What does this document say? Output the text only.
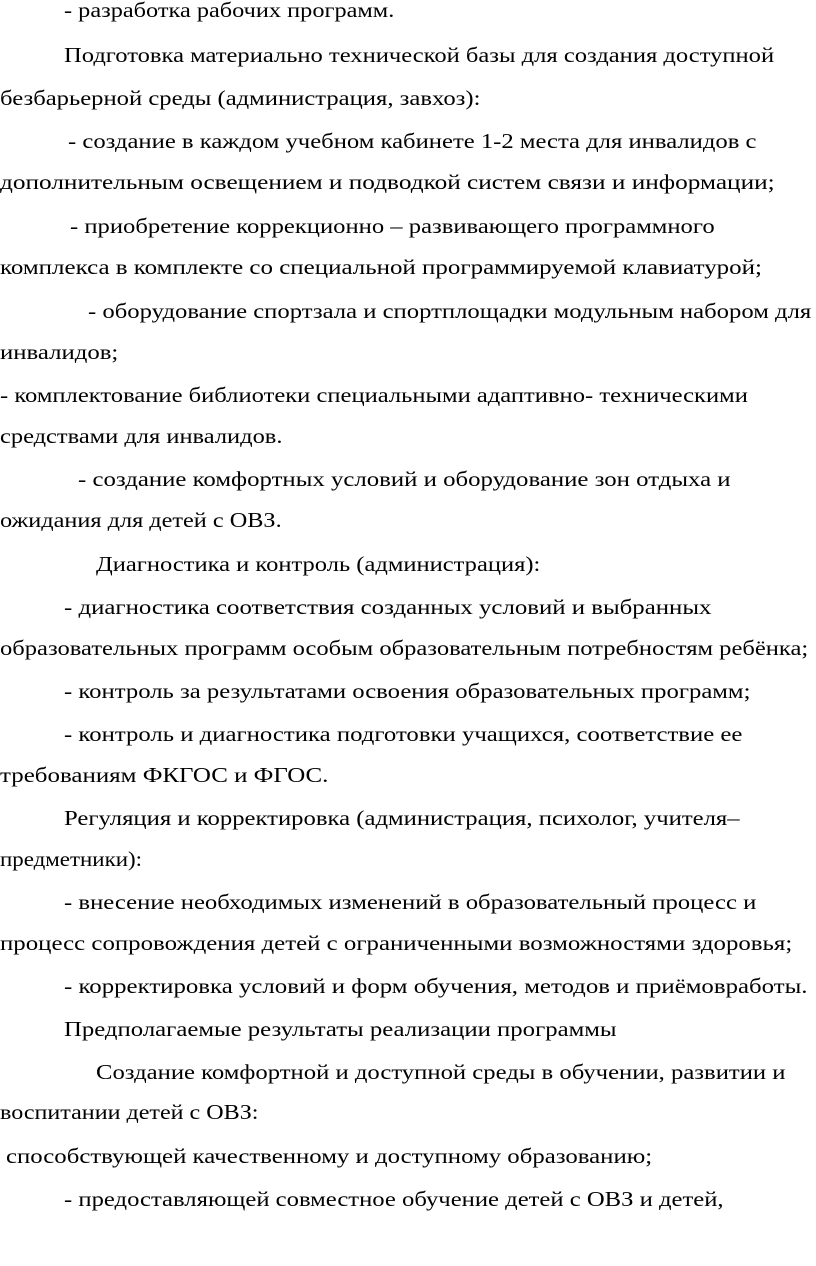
- разработка рабочих программ.
Подготовка материально технической базы для создания доступной
безбарьерной среды (администрация, завхоз):
- создание в каждом учебном кабинете 1-2 места для инвалидов с
дополнительным освещением и подводкой систем связи и информации;
- приобретение коррекционно – развивающего программного
комплекса в комплекте со специальной программируемой клавиатурой;
- оборудование спортзала и спортплощадки модульным набором для
инвалидов;
- комплектование библиотеки специальными адаптивно- техническими
средствами для инвалидов.
- создание комфортных условий и оборудование зон отдыха и
ожидания для детей с ОВЗ.
Диагностика и контроль (администрация):
- диагностика соответствия созданных условий и выбранных
образовательных программ особым образовательным потребностям ребёнка;
- контроль за результатами освоения образовательных программ;
- контроль и диагностика подготовки учащихся, соответствие ее
требованиям ФКГОС и ФГОС.
Регуляция и корректировка (администрация, психолог, учителя–
предметники):
- внесение необходимых изменений в образовательный процесс и
процесс сопровождения детей с ограниченными возможностями здоровья;
- корректировка условий и форм обучения, методов и приёмовработы.
Предполагаемые результаты реализации программы
Создание комфортной и доступной среды в обучении, развитии и
воспитании детей с ОВЗ:
способствующей качественному и доступному образованию;
- предоставляющей совместное обучение детей с ОВЗ и детей,
